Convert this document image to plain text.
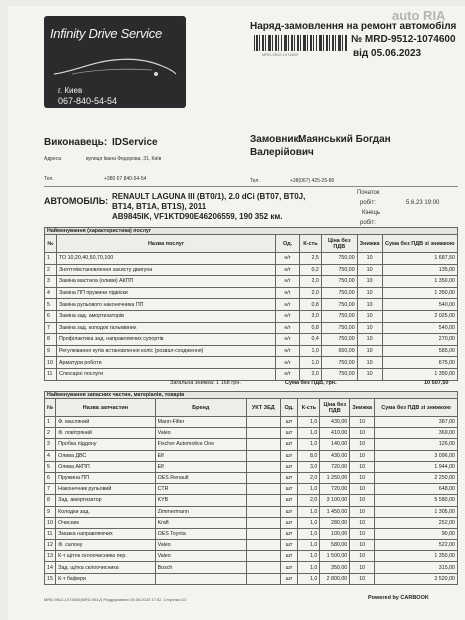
Infinity Drive Service
г. Киев
067-840-54-54
auto RIA
Наряд-замовлення на ремонт автомобіля
MRD-9512-1074600
№ MRD-9512-1074600
від 05.06.2023
Виконавець: IDService
Адреса	вулиця Івана Федорова, 31, Київ
Тел.	+380 67 840-54-54
Замовник:
Маянський Богдан
Валерійович
Тел.	+38(067) 425-25-80
АВТОМОБІЛЬ: RENAULT LAGUNA III (BT0/1), 2.0 dCi (BT07, BT0J,
BT14, BT1A, BT1S), 2011
AB9845IK, VF1KTD90E46206559, 190 352 км.
Початок
робіт:	5.6.23 19:00
Кінець
робіт:
Найменування (характеристика) послуг						
№	Назва послуг	Од.	К-сть	Ціна без ПДВ	Знижка	Сума без ПДВ зі знижкою
1	ТО 10,20,40,50,70,100	н/г	2,5	750,00	10	1 687,50
2	Зняття/встановлення захисту двигуна	н/г	0,2	750,00	10	135,00
3	Заміна мастила (оливи) АКПП	н/г	2,0	750,00	10	1 350,00
4	Заміна ПП пружини підвіски	н/г	2,0	750,00	10	1 350,00
5	Заміна рульового наконечника ПП	н/г	0,8	750,00	10	540,00
6	Заміна зад. амортизаторів	н/г	3,0	750,00	10	2 025,00
7	Заміна зад. колодок гальмівних	н/г	0,8	750,00	10	540,00
8	Профілактика зад. направляючих супортів	н/г	0,4	750,00	10	270,00
9	Регулювання кутів встановлення коліс (розвал-сходження)	н/г	1,0	650,00	10	585,00
10	Арматури роботи	н/г	1,0	750,00	10	675,00
11	Слюсарні послуги	н/г	2,0	750,00	10	1 350,00
Загальна знижка: 1 168 грн.	Сума без ПДВ, грн.	10 507,50
Найменування запасних частин, матеріалів, товарів								
№	Назва запчастин	Бренд	УКТ ЗЕД	Од.	К-сть	Ціна без ПДВ	Знижка	Сума без ПДВ зі знижкою
1	Ф. масляний	Mann-Filter		шт	1,0	430,00	10	387,00
2	Ф. повітряний	Valeo		шт	1,0	410,00	10	369,00
3	Пробка піддону	Fischer Automotive One		шт	1,0	140,00	10	126,00
4	Олива ДВС	Elf		шт	8,0	430,00	10	3 096,00
5	Олива АКПП	Elf		шт	3,0	720,00	10	1 944,00
6	Пружина ПП	OES Renault		шт	2,0	1 250,00	10	2 250,00
7	Наконечник рульовий	CTR		шт	1,0	720,00	10	648,00
8	Зад. амортизатор	KYB		шт	2,0	3 100,00	10	5 580,00
9	Колодки зад.	Zimmermann		шт	1,0	1 450,00	10	1 305,00
10	Очисник	Kraft		шт	1,0	280,00	10	252,00
11	Змазка направляючих	OES Toyota		шт	1,0	100,00	10	90,00
12	Ф. салону	Valeo		шт	1,0	580,00	10	522,00
13	К-т щіток склоочисника пер.	Valeo		шт	1,0	1 500,00	10	1 350,00
14	Зад. щітка склоочисника	Bosch		шт	1,0	350,00	10	315,00
15	К-т бафери			шт	1,0	2 800,00	10	2 520,00
MRD-9512-1074600(MRD-9512) Роздруковано 05.06.2023 17:52. Сторінка 1/2	Powered by CARBOOK
